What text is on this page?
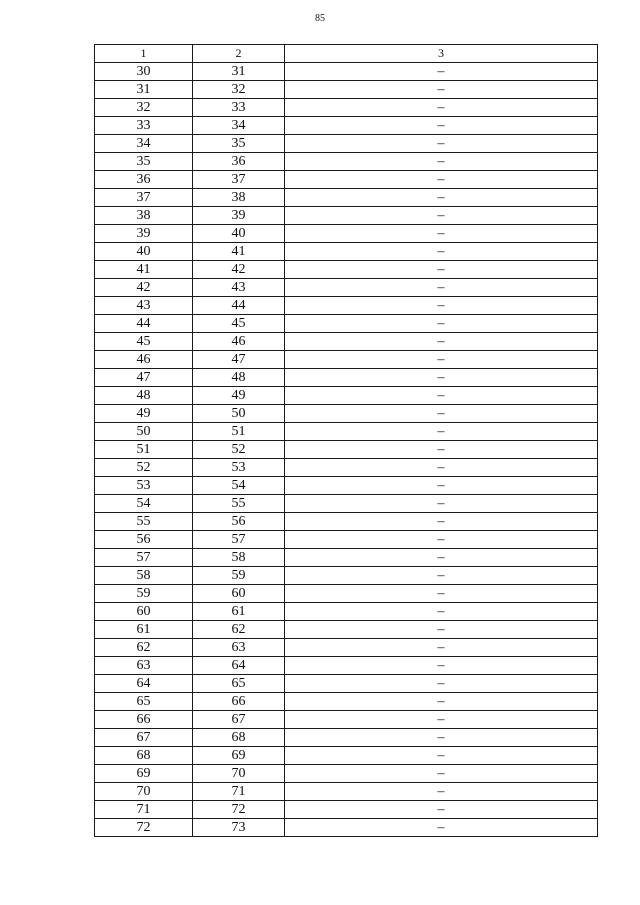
85
1	2	3
30	31	–
31	32	–
32	33	–
33	34	–
34	35	–
35	36	–
36	37	–
37	38	–
38	39	–
39	40	–
40	41	–
41	42	–
42	43	–
43	44	–
44	45	–
45	46	–
46	47	–
47	48	–
48	49	–
49	50	–
50	51	–
51	52	–
52	53	–
53	54	–
54	55	–
55	56	–
56	57	–
57	58	–
58	59	–
59	60	–
60	61	–
61	62	–
62	63	–
63	64	–
64	65	–
65	66	–
66	67	–
67	68	–
68	69	–
69	70	–
70	71	–
71	72	–
72	73	–
